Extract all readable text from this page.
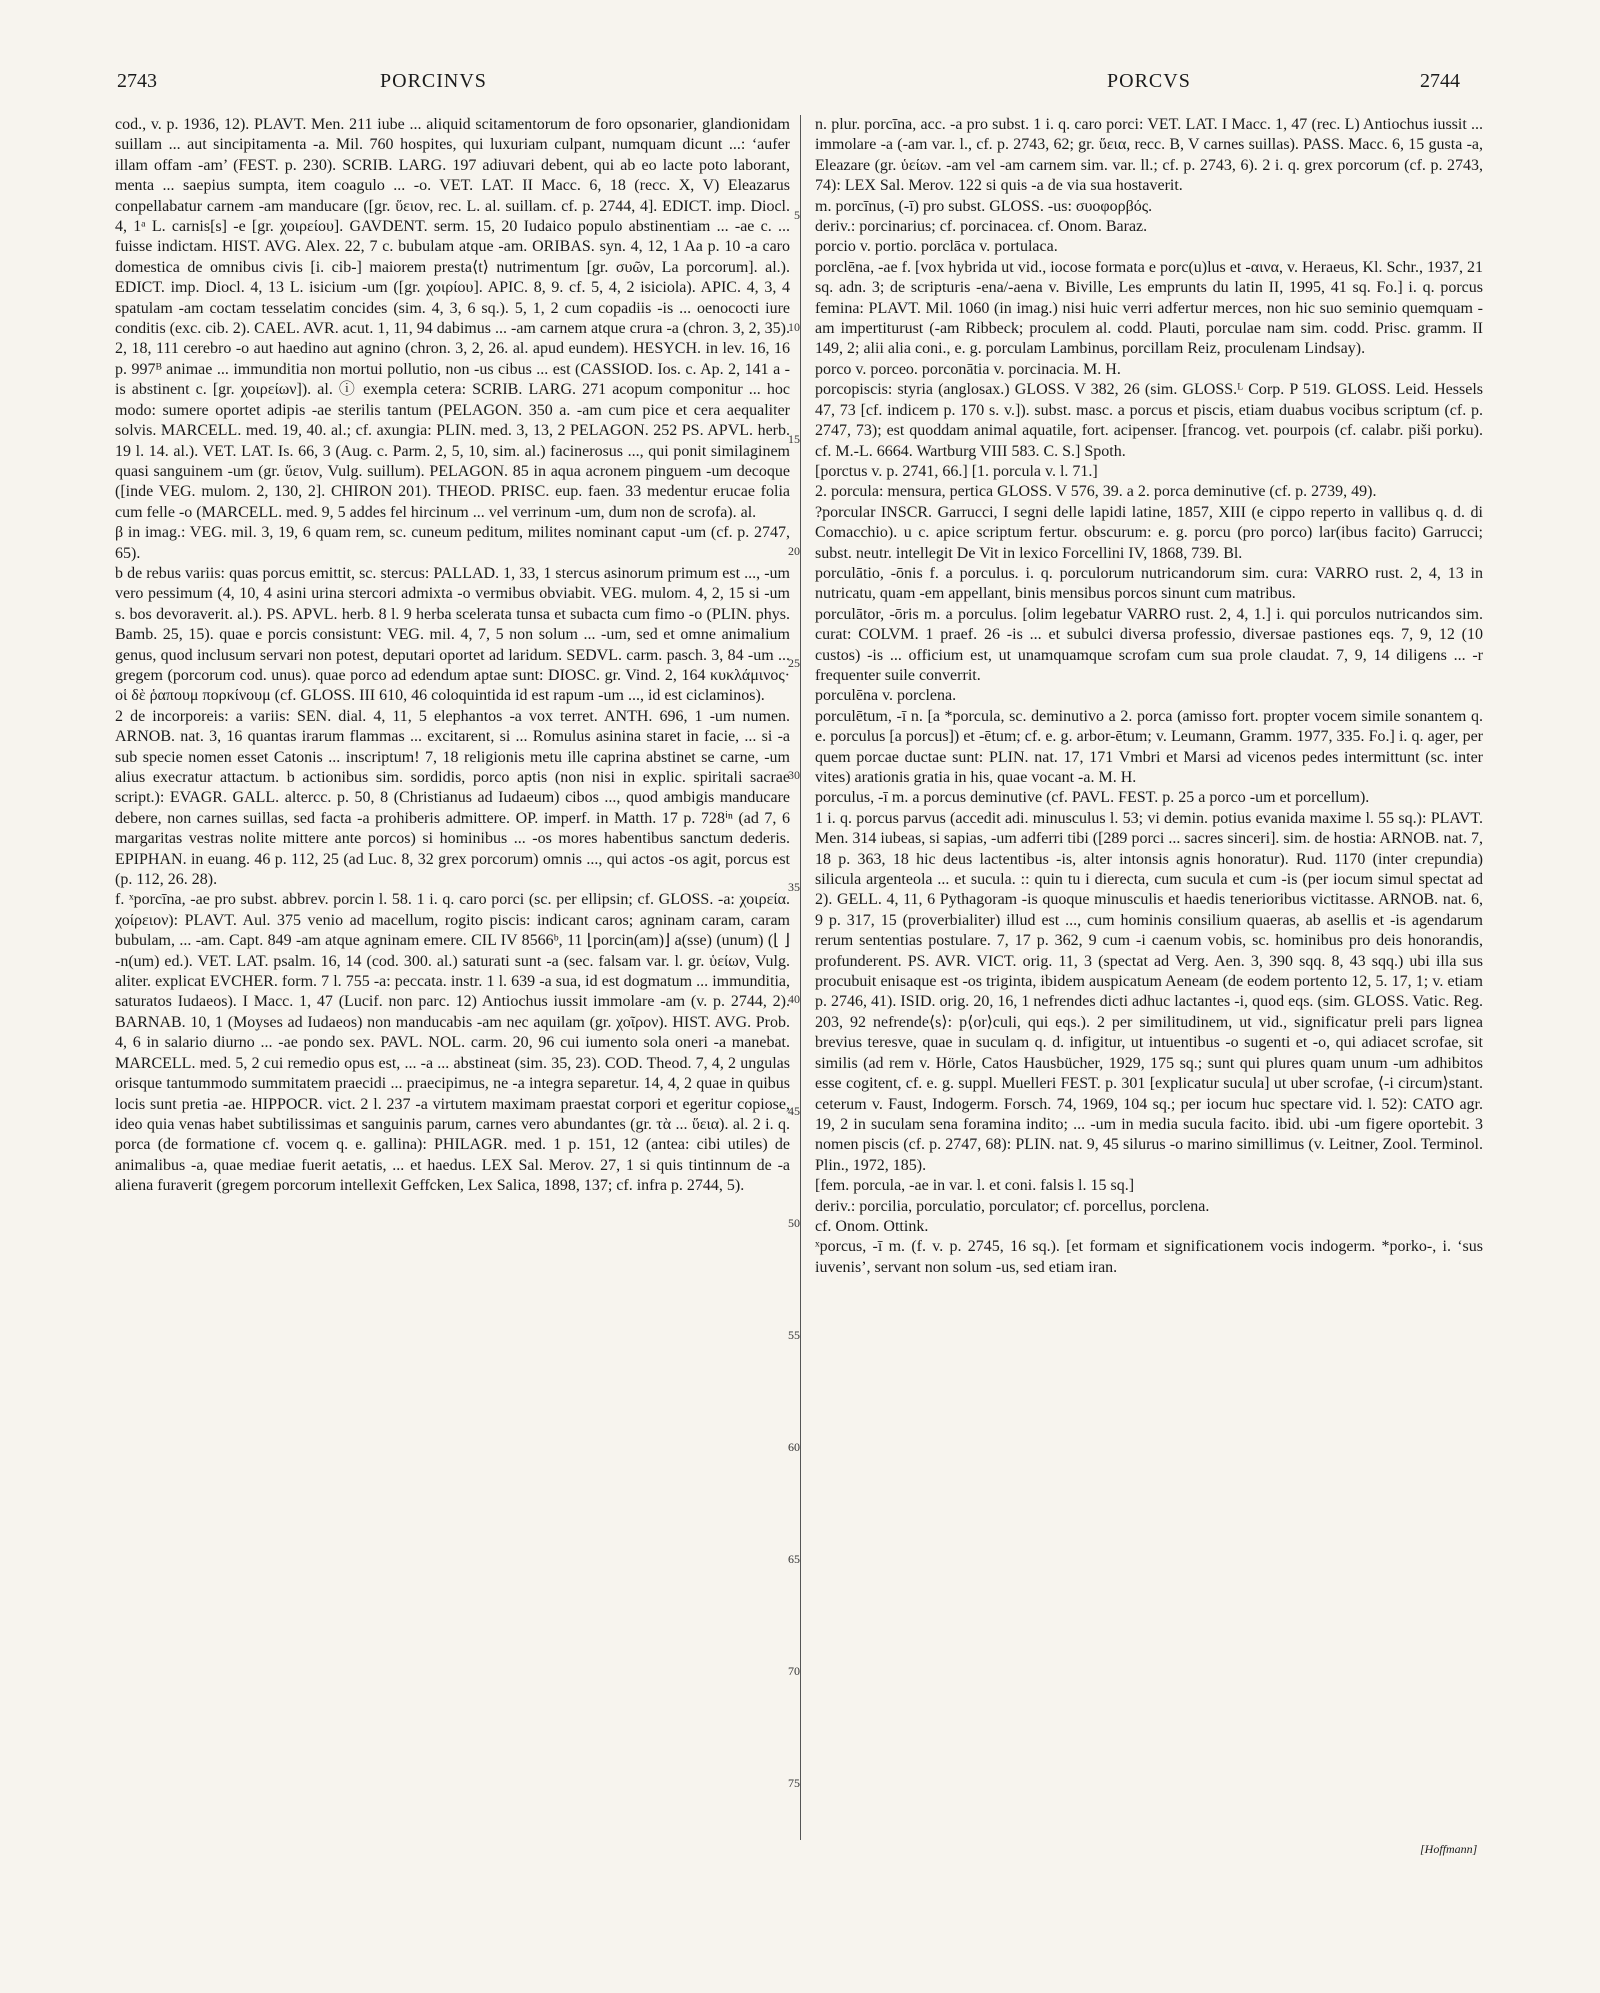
2743	PORCINVS	PORCVS	2744

cod., v. p. 1936, 12). PLAVT. Men. 211 iube ... aliquid scitamentorum de foro opsonarier, glandionidam suillam ... aut sincipitamenta -a. Mil. 760 hospites, qui luxuriam culpant, numquam dicunt ...: ‘aufer illam offam -am’ (FEST. p. 230). SCRIB. LARG. 197 adiuvari debent, qui ab eo lacte poto laborant, menta ... saepius sumpta, item coagulo ... -o. VET. LAT. II Macc. 6, 18 (recc. X, V) Eleazarus conpellabatur carnem -am manducare ([gr. ὕειον, rec. L. al. suillam. cf. p. 2744, 4]. EDICT. imp. Diocl. 4, 1ᵃ L. carnis[s] -e [gr. χοιρείου]. GAVDENT. serm. 15, 20 Iudaico populo abstinentiam ... -ae c. ... fuisse indictam. HIST. AVG. Alex. 22, 7 c. bubulam atque -am. ORIBAS. syn. 4, 12, 1 Aa p. 10 -a caro domestica de omnibus civis [i. cib-] maiorem presta⟨t⟩ nutrimentum [gr. συῶν, La porcorum]. al.). EDICT. imp. Diocl. 4, 13 L. isicium -um ([gr. χοιρίου]. APIC. 8, 9. cf. 5, 4, 2 isiciola). APIC. 4, 3, 4 spatulam -am coctam tesselatim concides (sim. 4, 3, 6 sq.). 5, 1, 2 cum copadiis -is ... oenococti iure conditis (exc. cib. 2). CAEL. AVR. acut. 1, 11, 94 dabimus ... -am carnem atque crura -a (chron. 3, 2, 35). 2, 18, 111 cerebro -o aut haedino aut agnino (chron. 3, 2, 26. al. apud eundem). HESYCH. in lev. 16, 16 p. 997ᴮ animae ... immunditia non mortui pollutio, non -us cibus ... est (CASSIOD. Ios. c. Ap. 2, 141 a -is abstinent c. [gr. χοιρείων]). al. ⓘ exempla cetera: SCRIB. LARG. 271 acopum componitur ... hoc modo: sumere oportet adipis -ae sterilis tantum (PELAGON. 350 a. -am cum pice et cera aequaliter solvis. MARCELL. med. 19, 40. al.; cf. axungia: PLIN. med. 3, 13, 2 PELAGON. 252 PS. APVL. herb. 19 l. 14. al.). VET. LAT. Is. 66, 3 (Aug. c. Parm. 2, 5, 10, sim. al.) facinerosus ..., qui ponit similaginem quasi sanguinem -um (gr. ὕειον, Vulg. suillum). PELAGON. 85 in aqua acronem pinguem -um decoque ([inde VEG. mulom. 2, 130, 2]. CHIRON 201). THEOD. PRISC. eup. faen. 33 medentur erucae folia cum felle -o (MARCELL. med. 9, 5 addes fel hircinum ... vel verrinum -um, dum non de scrofa). al.

β in imag.: VEG. mil. 3, 19, 6 quam rem, sc. cuneum peditum, milites nominant caput -um (cf. p. 2747, 65).

b de rebus variis: quas porcus emittit, sc. stercus: PALLAD. 1, 33, 1 stercus asinorum primum est ..., -um vero pessimum (4, 10, 4 asini urina stercori admixta -o vermibus obviabit. VEG. mulom. 4, 2, 15 si -um s. bos devoraverit. al.). PS. APVL. herb. 8 l. 9 herba scelerata tunsa et subacta cum fimo -o (PLIN. phys. Bamb. 25, 15). quae e porcis consistunt: VEG. mil. 4, 7, 5 non solum ... -um, sed et omne animalium genus, quod inclusum servari non potest, deputari oportet ad laridum. SEDVL. carm. pasch. 3, 84 -um ... gregem (porcorum cod. unus). quae porco ad edendum aptae sunt: DIOSC. gr. Vind. 2, 164 κυκλάμινος· οἱ δὲ ῥαπουμ πορκίνουμ (cf. GLOSS. III 610, 46 coloquintida id est rapum -um ..., id est ciclaminos).

2 de incorporeis: a variis: SEN. dial. 4, 11, 5 elephantos -a vox terret. ANTH. 696, 1 -um numen. ARNOB. nat. 3, 16 quantas irarum flammas ... excitarent, si ... Romulus asinina staret in facie, ... si -a sub specie nomen esset Catonis ... inscriptum! 7, 18 religionis metu ille caprina abstinet se carne, -um alius execratur attactum. b actionibus sim. sordidis, porco aptis (non nisi in explic. spiritali sacrae script.): EVAGR. GALL. altercc. p. 50, 8 (Christianus ad Iudaeum) cibos ..., quod ambigis manducare debere, non carnes suillas, sed facta -a prohiberis admittere. OP. imperf. in Matth. 17 p. 728ⁱⁿ (ad 7, 6 margaritas vestras nolite mittere ante porcos) si hominibus ... -os mores habentibus sanctum dederis. EPIPHAN. in euang. 46 p. 112, 25 (ad Luc. 8, 32 grex porcorum) omnis ..., qui actos -os agit, porcus est (p. 112, 26. 28).

f. ˣporcīna, -ae pro subst. abbrev. porcin l. 58. 1 i. q. caro porci (sc. per ellipsin; cf. GLOSS. -a: χοιρεία. χοίρειον): PLAVT. Aul. 375 venio ad macellum, rogito piscis: indicant caros; agninam caram, caram bubulam, ... -am. Capt. 849 -am atque agninam emere. CIL IV 8566ᵇ, 11 ⌊porcin(am)⌋ a(sse) (unum) (⌊ ⌋ -n(um) ed.). VET. LAT. psalm. 16, 14 (cod. 300. al.) saturati sunt -a (sec. falsam var. l. gr. ὑείων, Vulg. aliter. explicat EVCHER. form. 7 l. 755 -a: peccata. instr. 1 l. 639 -a sua, id est dogmatum ... immunditia, saturatos Iudaeos). I Macc. 1, 47 (Lucif. non parc. 12) Antiochus iussit immolare -am (v. p. 2744, 2). BARNAB. 10, 1 (Moyses ad Iudaeos) non manducabis -am nec aquilam (gr. χοῖρον). HIST. AVG. Prob. 4, 6 in salario diurno ... -ae pondo sex. PAVL. NOL. carm. 20, 96 cui iumento sola oneri -a manebat. MARCELL. med. 5, 2 cui remedio opus est, ... -a ... abstineat (sim. 35, 23). COD. Theod. 7, 4, 2 ungulas orisque tantummodo summitatem praecidi ... praecipimus, ne -a integra separetur. 14, 4, 2 quae in quibus locis sunt pretia -ae. HIPPOCR. vict. 2 l. 237 -a virtutem maximam praestat corpori et egeritur copiose, ideo quia venas habet subtilissimas et sanguinis parum, carnes vero abundantes (gr. τὰ ... ὕεια). al. 2 i. q. porca (de formatione cf. vocem q. e. gallina): PHILAGR. med. 1 p. 151, 12 (antea: cibi utiles) de animalibus -a, quae mediae fuerit aetatis, ... et haedus. LEX Sal. Merov. 27, 1 si quis tintinnum de -a aliena furaverit (gregem porcorum intellexit Geffcken, Lex Salica, 1898, 137; cf. infra p. 2744, 5).

5
10
15
20
25
30
35
40
45
50
55
60
65
70
75

n. plur. porcīna, acc. -a pro subst. 1 i. q. caro porci: VET. LAT. I Macc. 1, 47 (rec. L) Antiochus iussit ... immolare -a (-am var. l., cf. p. 2743, 62; gr. ὕεια, recc. B, V carnes suillas). PASS. Macc. 6, 15 gusta -a, Eleazare (gr. ὑείων. -am vel -am carnem sim. var. ll.; cf. p. 2743, 6). 2 i. q. grex porcorum (cf. p. 2743, 74): LEX Sal. Merov. 122 si quis -a de via sua hostaverit.

m. porcīnus, (-ī) pro subst. GLOSS. -us: συοφορβός.

deriv.: porcinarius; cf. porcinacea. cf. Onom. Baraz.

porcio v. portio. porclāca v. portulaca.

porclēna, -ae f. [vox hybrida ut vid., iocose formata e porc(u)lus et -αινα, v. Heraeus, Kl. Schr., 1937, 21 sq. adn. 3; de scripturis -ena/-aena v. Biville, Les emprunts du latin II, 1995, 41 sq. Fo.] i. q. porcus femina: PLAVT. Mil. 1060 (in imag.) nisi huic verri adfertur merces, non hic suo seminio quemquam -am impertiturust (-am Ribbeck; proculem al. codd. Plauti, porculae nam sim. codd. Prisc. gramm. II 149, 2; alii alia coni., e. g. porculam Lambinus, porcillam Reiz, proculenam Lindsay).

porco v. porceo. porconātia v. porcinacia. M. H.

porcopiscis: styria (anglosax.) GLOSS. V 382, 26 (sim. GLOSS.ᴸ Corp. P 519. GLOSS. Leid. Hessels 47, 73 [cf. indicem p. 170 s. v.]). subst. masc. a porcus et piscis, etiam duabus vocibus scriptum (cf. p. 2747, 73); est quoddam animal aquatile, fort. acipenser. [francog. vet. pourpois (cf. calabr. piši porku). cf. M.-L. 6664. Wartburg VIII 583. C. S.] Spoth.

[porctus v. p. 2741, 66.] [1. porcula v. l. 71.]

2. porcula: mensura, pertica GLOSS. V 576, 39. a 2. porca deminutive (cf. p. 2739, 49).

?porcular INSCR. Garrucci, I segni delle lapidi latine, 1857, XIII (e cippo reperto in vallibus q. d. di Comacchio). u c. apice scriptum fertur. obscurum: e. g. porcu (pro porco) lar(ibus facito) Garrucci; subst. neutr. intellegit De Vit in lexico Forcellini IV, 1868, 739. Bl.

porculātio, -ōnis f. a porculus. i. q. porculorum nutricandorum sim. cura: VARRO rust. 2, 4, 13 in nutricatu, quam -em appellant, binis mensibus porcos sinunt cum matribus.

porculātor, -ōris m. a porculus. [olim legebatur VARRO rust. 2, 4, 1.] i. qui porculos nutricandos sim. curat: COLVM. 1 praef. 26 -is ... et subulci diversa professio, diversae pastiones eqs. 7, 9, 12 (10 custos) -is ... officium est, ut unamquamque scrofam cum sua prole claudat. 7, 9, 14 diligens ... -r frequenter suile converrit.

porculēna v. porclena.

porculētum, -ī n. [a *porcula, sc. deminutivo a 2. porca (amisso fort. propter vocem simile sonantem q. e. porculus [a porcus]) et -ētum; cf. e. g. arbor-ētum; v. Leumann, Gramm. 1977, 335. Fo.] i. q. ager, per quem porcae ductae sunt: PLIN. nat. 17, 171 Vmbri et Marsi ad vicenos pedes intermittunt (sc. inter vites) arationis gratia in his, quae vocant -a. M. H.

porculus, -ī m. a porcus deminutive (cf. PAVL. FEST. p. 25 a porco -um et porcellum).

1 i. q. porcus parvus (accedit adi. minusculus l. 53; vi demin. potius evanida maxime l. 55 sq.): PLAVT. Men. 314 iubeas, si sapias, -um adferri tibi ([289 porci ... sacres sinceri]. sim. de hostia: ARNOB. nat. 7, 18 p. 363, 18 hic deus lactentibus -is, alter intonsis agnis honoratur). Rud. 1170 (inter crepundia) silicula argenteola ... et sucula. :: quin tu i dierecta, cum sucula et cum -is (per iocum simul spectat ad 2). GELL. 4, 11, 6 Pythagoram -is quoque minusculis et haedis tenerioribus victitasse. ARNOB. nat. 6, 9 p. 317, 15 (proverbialiter) illud est ..., cum hominis consilium quaeras, ab asellis et -is agendarum rerum sententias postulare. 7, 17 p. 362, 9 cum -i caenum vobis, sc. hominibus pro deis honorandis, profunderent. PS. AVR. VICT. orig. 11, 3 (spectat ad Verg. Aen. 3, 390 sqq. 8, 43 sqq.) ubi illa sus procubuit enisaque est -os triginta, ibidem auspicatum Aeneam (de eodem portento 12, 5. 17, 1; v. etiam p. 2746, 41). ISID. orig. 20, 16, 1 nefrendes dicti adhuc lactantes -i, quod eqs. (sim. GLOSS. Vatic. Reg. 203, 92 nefrende⟨s⟩: p⟨or⟩culi, qui eqs.). 2 per similitudinem, ut vid., significatur preli pars lignea brevius teresve, quae in suculam q. d. infigitur, ut intuentibus -o sugenti et -o, qui adiacet scrofae, sit similis (ad rem v. Hörle, Catos Hausbücher, 1929, 175 sq.; sunt qui plures quam unum -um adhibitos esse cogitent, cf. e. g. suppl. Muelleri FEST. p. 301 [explicatur sucula] ut uber scrofae, ⟨-i circum⟩stant. ceterum v. Faust, Indogerm. Forsch. 74, 1969, 104 sq.; per iocum huc spectare vid. l. 52): CATO agr. 19, 2 in suculam sena foramina indito; ... -um in media sucula facito. ibid. ubi -um figere oportebit. 3 nomen piscis (cf. p. 2747, 68): PLIN. nat. 9, 45 silurus -o marino simillimus (v. Leitner, Zool. Terminol. Plin., 1972, 185).

[fem. porcula, -ae in var. l. et coni. falsis l. 15 sq.]

deriv.: porcilia, porculatio, porculator; cf. porcellus, porclena.

cf. Onom. Ottink.

ˣporcus, -ī m. (f. v. p. 2745, 16 sq.). [et formam et significationem vocis indogerm. *porko-, i. ‘sus iuvenis’, servant non solum -us, sed etiam iran.

[Hoffmann]
